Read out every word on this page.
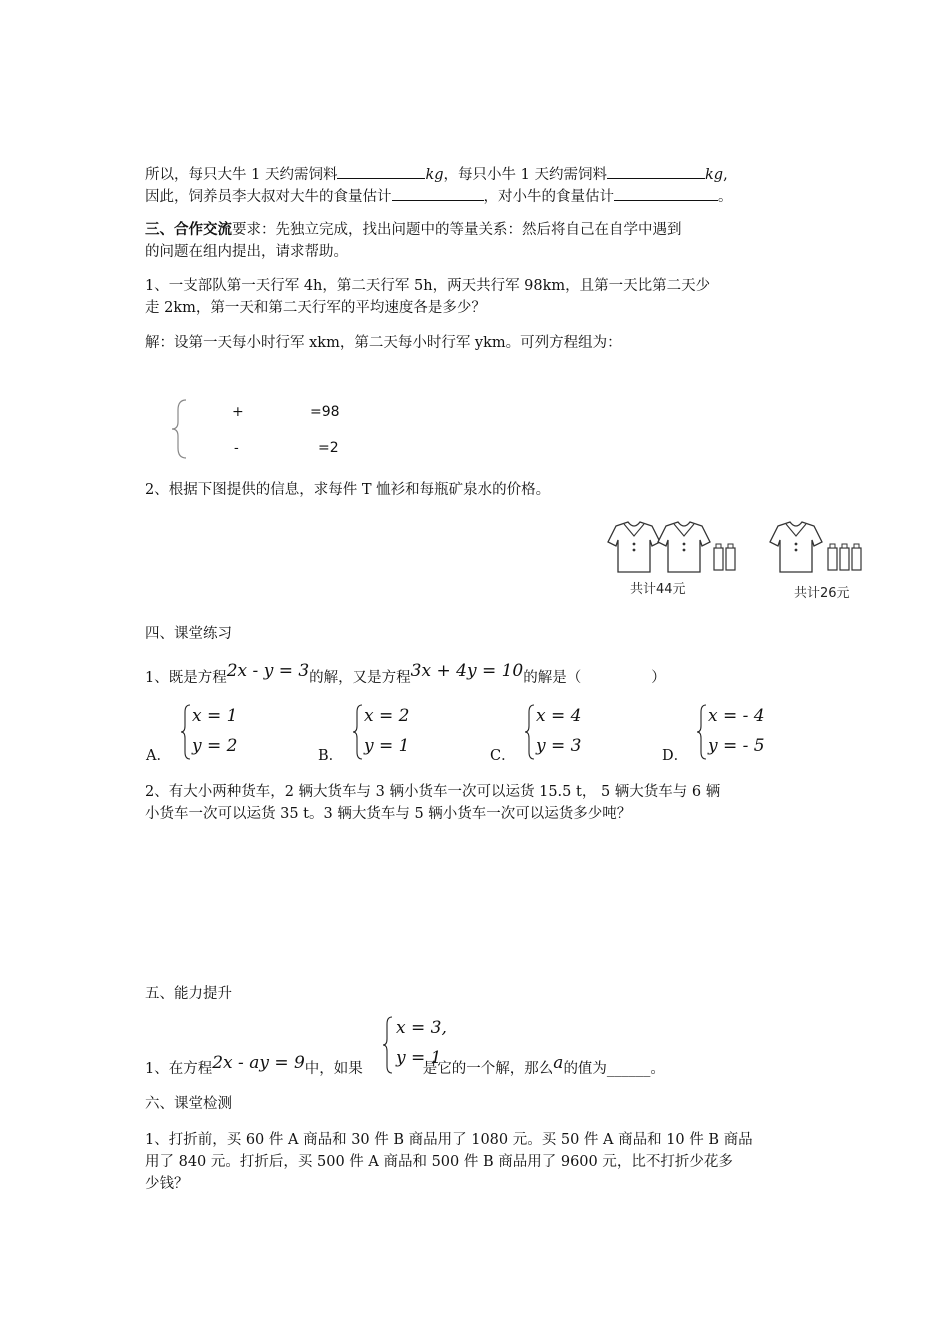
所以，每只大牛 1 天约需饲料	kg，每只小牛 1 天约需饲料	kg,
因此，饲养员李大叔对大牛的食量估计	，对小牛的食量估计	。
三、合作交流要求：先独立完成，找出问题中的等量关系：然后将自己在自学中遇到
的问题在组内提出，请求帮助。
1、一支部队第一天行军 4h，第二天行军 5h，两天共行军 98km，且第一天比第二天少
走 2km，第一天和第二天行军的平均速度各是多少？
解：设第一天每小时行军 xkm，第二天每小时行军 ykm。可列方程组为：
+	=98
-	=2
2、根据下图提供的信息，求每件 T 恤衫和每瓶矿泉水的价格。
共计44元	共计26元
四、课堂练习
1、既是方程2x - y = 3的解，又是方程3x + 4y = 10的解是（	）
A．
x = 1
y = 2	B．
x = 2
y = 1	C．
x = 4
y = 3	D．
x = - 4
y = - 5
2、有大小两种货车，2 辆大货车与 3 辆小货车一次可以运货 15.5 t， 5 辆大货车与 6 辆
小货车一次可以运货 35 t。3 辆大货车与 5 辆小货车一次可以运货多少吨？
五、能力提升
x = 3,
y = 1
1、在方程2x - ay = 9中，如果	是它的一个解，那么a的值为______。
六、课堂检测
1、打折前，买 60 件 A 商品和 30 件 B 商品用了 1080 元。买 50 件 A 商品和 10 件 B 商品
用了 840 元。打折后，买 500 件 A 商品和 500 件 B 商品用了 9600 元，比不打折少花多
少钱？
